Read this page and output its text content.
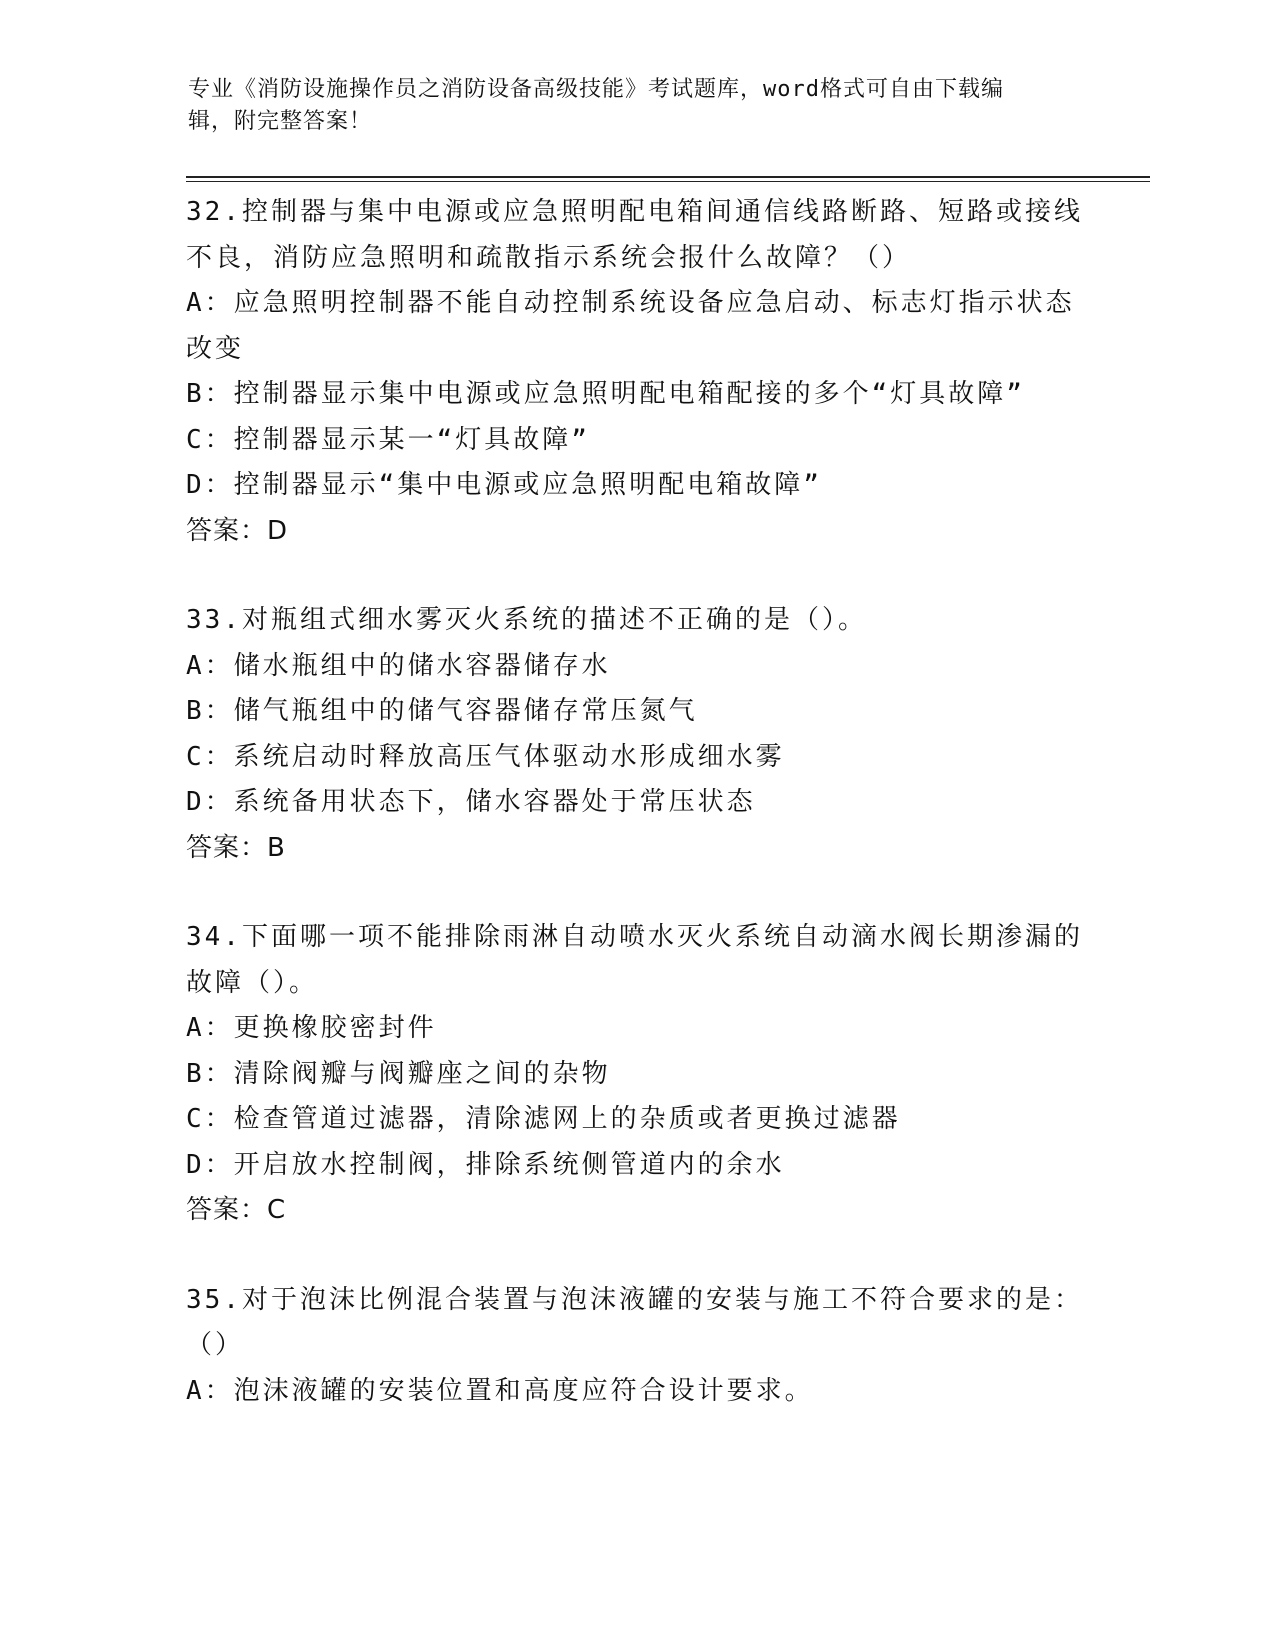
专业《消防设施操作员之消防设备高级技能》考试题库，word格式可自由下载编
辑，附完整答案！
32.控制器与集中电源或应急照明配电箱间通信线路断路、短路或接线
不良，消防应急照明和疏散指示系统会报什么故障？（）
A：应急照明控制器不能自动控制系统设备应急启动、标志灯指示状态
改变
B：控制器显示集中电源或应急照明配电箱配接的多个“灯具故障”
C：控制器显示某一“灯具故障”
D：控制器显示“集中电源或应急照明配电箱故障”
答案：D
33.对瓶组式细水雾灭火系统的描述不正确的是（）。
A：储水瓶组中的储水容器储存水
B：储气瓶组中的储气容器储存常压氮气
C：系统启动时释放高压气体驱动水形成细水雾
D：系统备用状态下，储水容器处于常压状态
答案：B
34.下面哪一项不能排除雨淋自动喷水灭火系统自动滴水阀长期渗漏的
故障（）。
A：更换橡胶密封件
B：清除阀瓣与阀瓣座之间的杂物
C：检查管道过滤器，清除滤网上的杂质或者更换过滤器
D：开启放水控制阀，排除系统侧管道内的余水
答案：C
35.对于泡沫比例混合装置与泡沫液罐的安装与施工不符合要求的是：
（）
A：泡沫液罐的安装位置和高度应符合设计要求。
